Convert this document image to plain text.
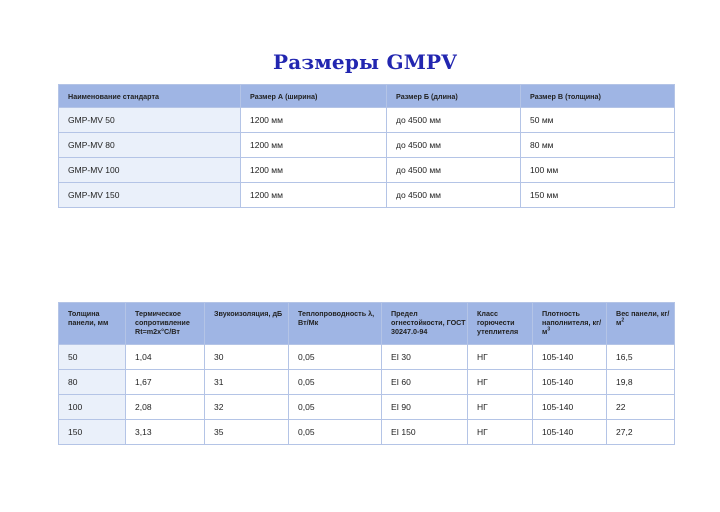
Размеры GMPV
Наименование стандарта	Размер А (ширина)	Размер Б (длина)	Размер В (толщина)
GMP-MV 50	1200 мм	до 4500 мм	50 мм
GMP-MV 80	1200 мм	до 4500 мм	80 мм
GMP-MV 100	1200 мм	до 4500 мм	100 мм
GMP-MV 150	1200 мм	до 4500 мм	150 мм
Толщина панели, мм	Термическое сопротивление Rt=m2x°C/Вт	Звукоизоляция, дБ	Теплопроводность λ, Вт/Мк	Предел огнестойкости, ГОСТ 30247.0-94	Класс горючести утеплителя	Плотность наполнителя, $кг/м^3$	Вес панели, $кг/м^2$
50	1,04	30	0,05	EI 30	НГ	105-140	16,5
80	1,67	31	0,05	EI 60	НГ	105-140	19,8
100	2,08	32	0,05	EI 90	НГ	105-140	22
150	3,13	35	0,05	EI 150	НГ	105-140	27,2
